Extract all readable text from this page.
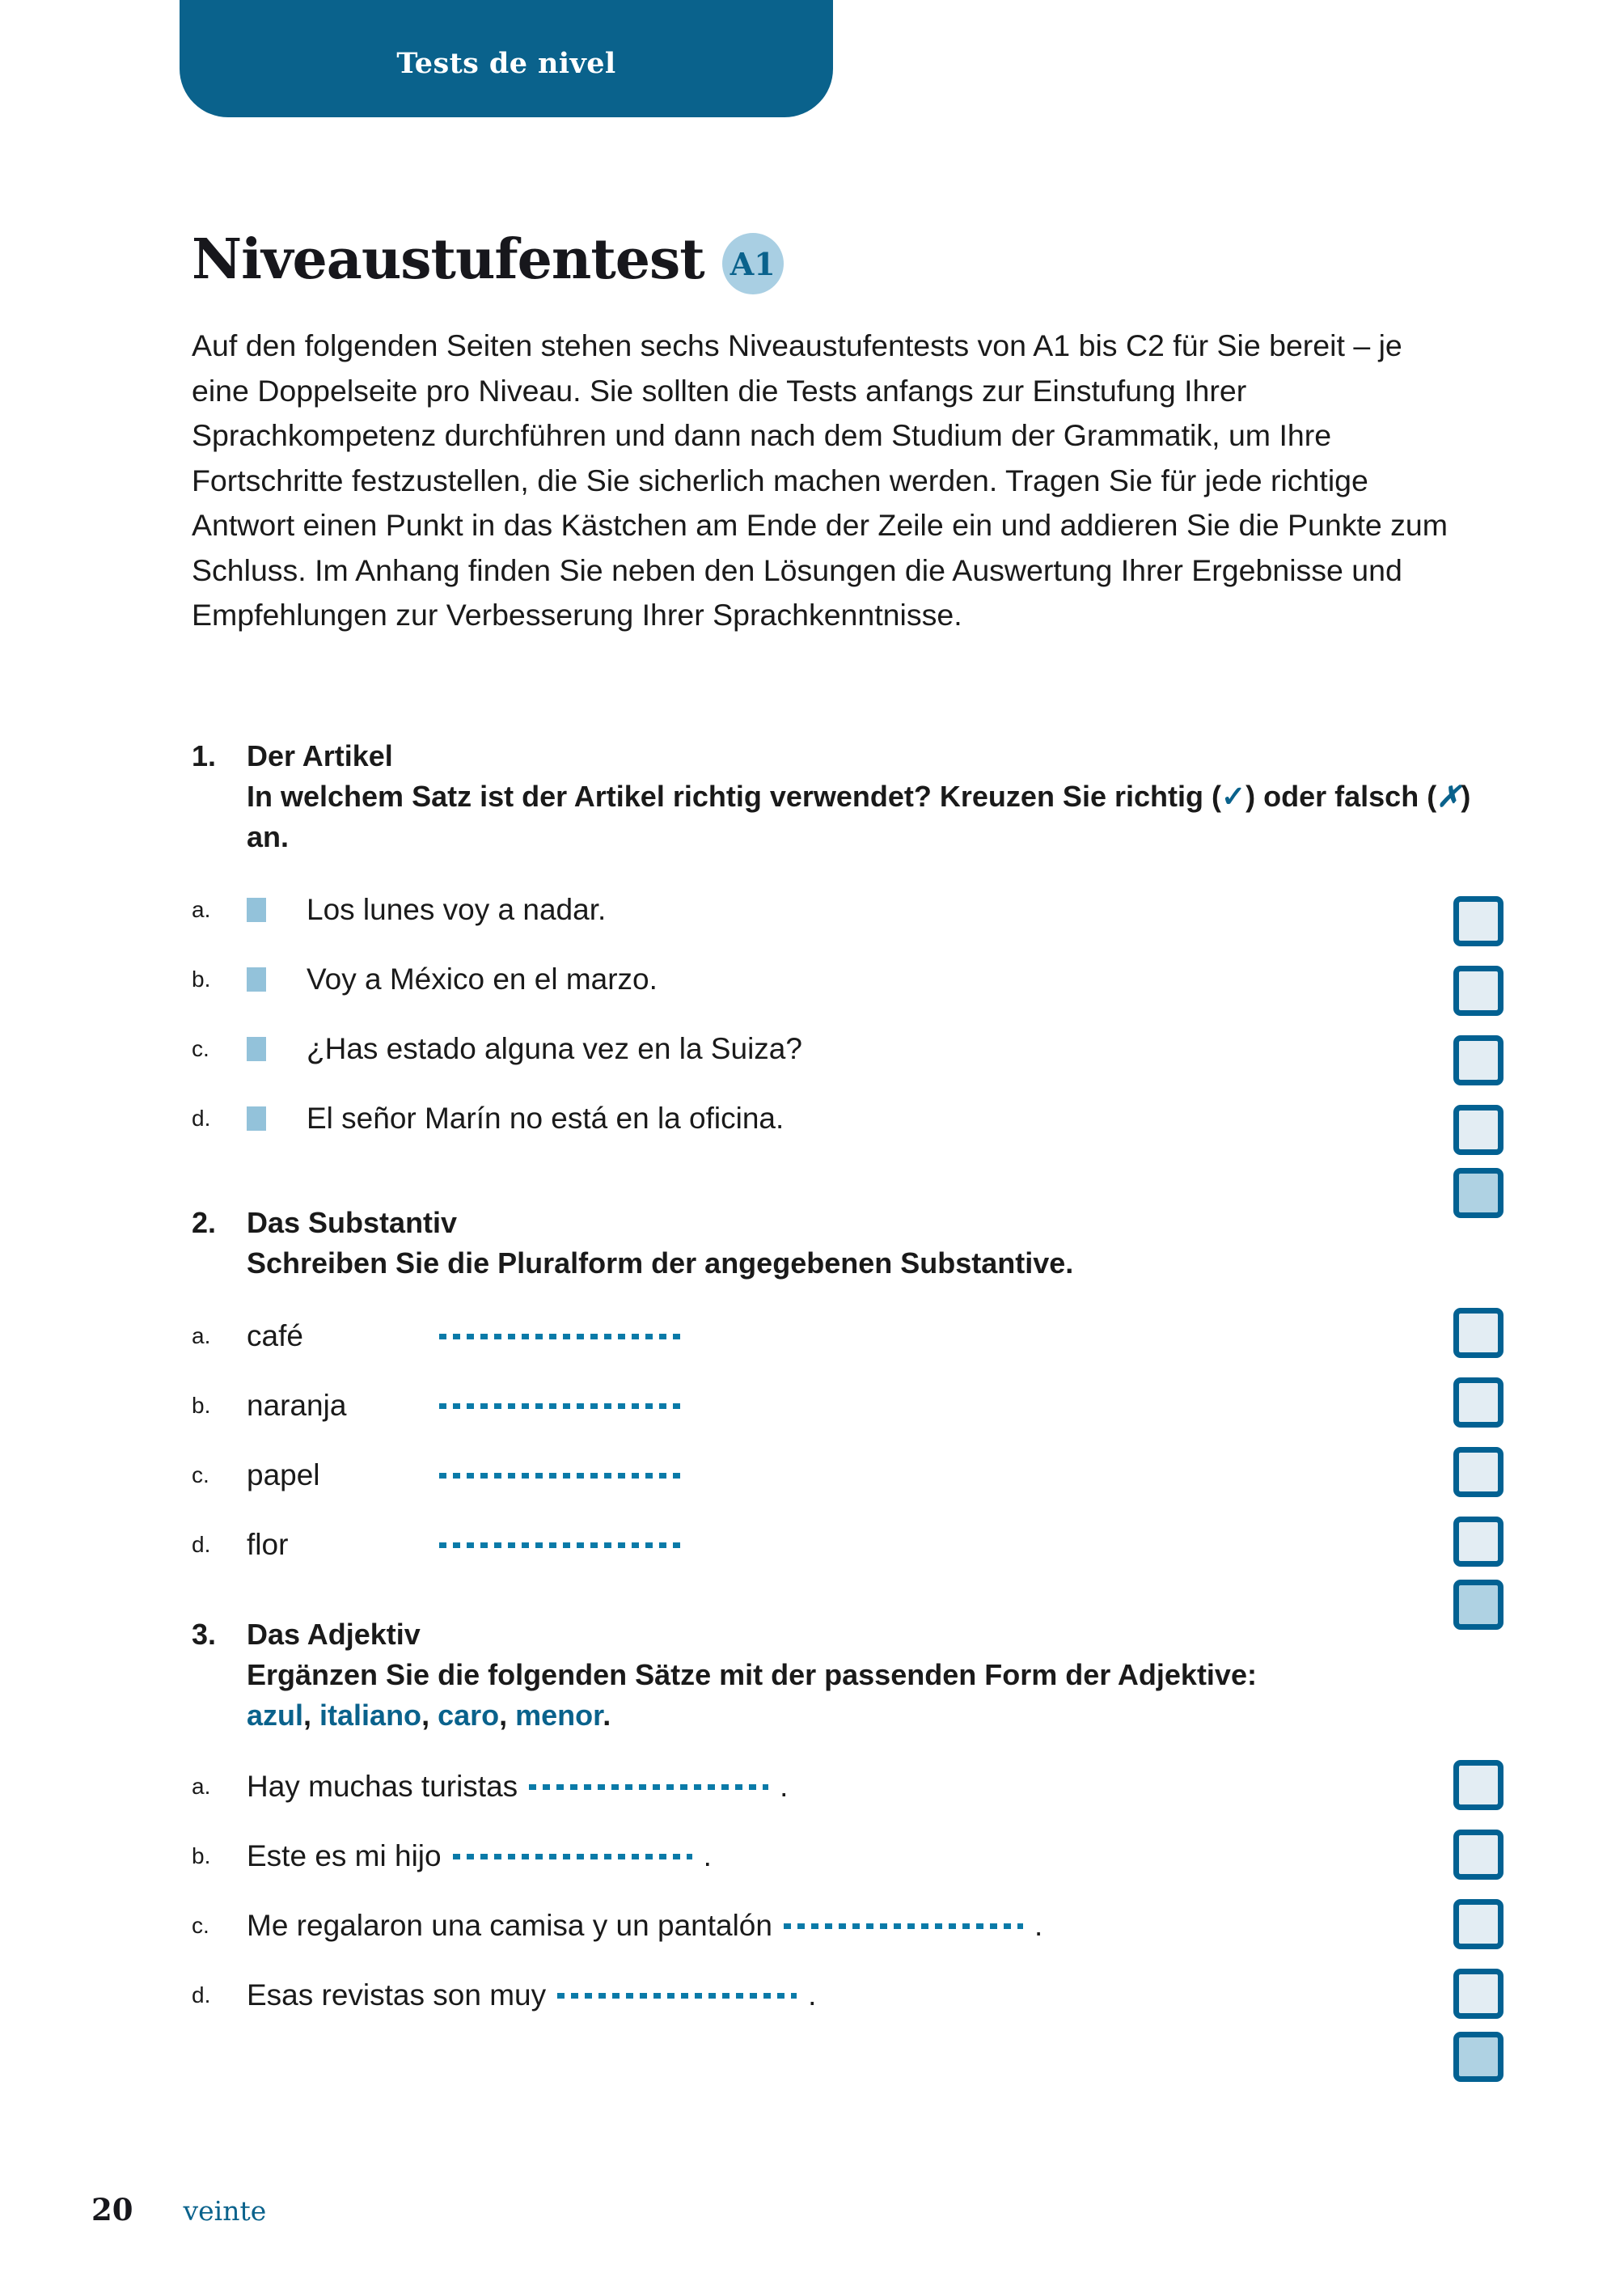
Tests de nivel
Niveaustufentest A1
Auf den folgenden Seiten stehen sechs Niveaustufentests von A1 bis C2 für Sie bereit – je eine Doppelseite pro Niveau. Sie sollten die Tests anfangs zur Einstufung Ihrer Sprachkompetenz durchführen und dann nach dem Studium der Grammatik, um Ihre Fortschritte festzustellen, die Sie sicherlich machen werden. Tragen Sie für jede richtige Antwort einen Punkt in das Kästchen am Ende der Zeile ein und addieren Sie die Punkte zum Schluss. Im Anhang finden Sie neben den Lösungen die Auswertung Ihrer Ergebnisse und Empfehlungen zur Verbesserung Ihrer Sprachkenntnisse.
1.	Der Artikel
In welchem Satz ist der Artikel richtig verwendet? Kreuzen Sie richtig (✓) oder falsch (✗) an.
a.	Los lunes voy a nadar.
b.	Voy a México en el marzo.
c.	¿Has estado alguna vez en la Suiza?
d.	El señor Marín no está en la oficina.
2.	Das Substantiv
Schreiben Sie die Pluralform der angegebenen Substantive.
a.	café
b.	naranja
c.	papel
d.	flor
3.	Das Adjektiv
Ergänzen Sie die folgenden Sätze mit der passenden Form der Adjektive:
azul, italiano, caro, menor.
a.	Hay muchas turistas	.
b.	Este es mi hijo	.
c.	Me regalaron una camisa y un pantalón	.
d.	Esas revistas son muy	.
20 veinte
